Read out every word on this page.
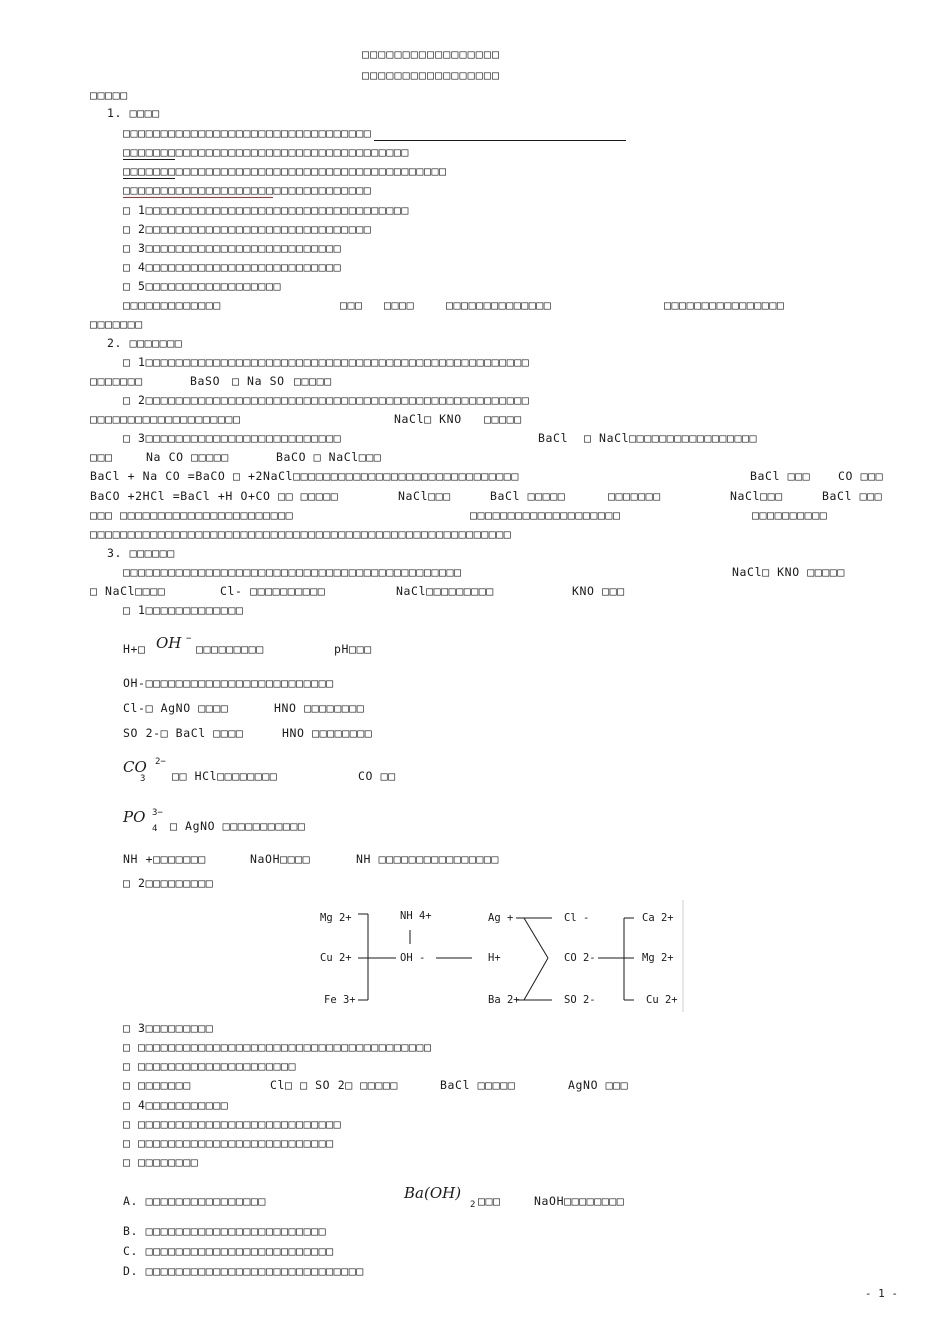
□□□□□□□□□□□□□□□□□
□□□□□□□□□□□□□□□□□
□□□□□
1. □□□□
□□□□□□□□□□□□□□□□□□□□□□□□□□□□□□□□□
□□□□□□□□□□□□□□□□□□□□□□□□□□□□□□□□□□□□□□
□□□□□□□□□□□□□□□□□□□□□□□□□□□□□□□□□□□□□□□□□□□
□□□□□□□□□□□□□□□□□□□□□□□□□□□□□□□□□
□ 1□□□□□□□□□□□□□□□□□□□□□□□□□□□□□□□□□□□
□ 2□□□□□□□□□□□□□□□□□□□□□□□□□□□□□□
□ 3□□□□□□□□□□□□□□□□□□□□□□□□□□
□ 4□□□□□□□□□□□□□□□□□□□□□□□□□□
□ 5□□□□□□□□□□□□□□□□□□
□□□□□□□□□□□□□	□□□ □□□□	□□□□□□□□□□□□□□	□□□□□□□□□□□□□□□□
□□□□□□□
2. □□□□□□□
□ 1□□□□□□□□□□□□□□□□□□□□□□□□□□□□□□□□□□□□□□□□□□□□□□□□□□□
□□□□□□□	BaSO □ Na SO □□□□□
□ 2□□□□□□□□□□□□□□□□□□□□□□□□□□□□□□□□□□□□□□□□□□□□□□□□□□□
□□□□□□□□□□□□□□□□□□□□	NaCl□ KNO □□□□□
□ 3□□□□□□□□□□□□□□□□□□□□□□□□□□	BaCl □ NaCl□□□□□□□□□□□□□□□□□
□□□	Na CO □□□□□	BaCO □ NaCl□□□
BaCl + Na CO =BaCO □ +2NaCl□□□□□□□□□□□□□□□□□□□□□□□□□□□□□□	BaCl □□□ CO □□□
BaCO +2HCl =BaCl +H O+CO □□ □□□□□	NaCl□□□	BaCl □□□□□	□□□□□□□	NaCl□□□	BaCl □□□
□□□ □□□□□□□□□□□□□□□□□□□□□□□	□□□□□□□□□□□□□□□□□□□□	□□□□□□□□□□
□□□□□□□□□□□□□□□□□□□□□□□□□□□□□□□□□□□□□□□□□□□□□□□□□□□□□□□□
3. □□□□□□
□□□□□□□□□□□□□□□□□□□□□□□□□□□□□□□□□□□□□□□□□□□□□	NaCl□ KNO □□□□□
□ NaCl□□□□	Cl- □□□□□□□□□□	NaCl□□□□□□□□□	KNO □□□
□ 1□□□□□□□□□□□□□
H+□ OH −
□□□□□□□□□	pH□□□
OH-□□□□□□□□□□□□□□□□□□□□□□□□□
Cl-□ AgNO □□□□	HNO □□□□□□□□
SO 2-□ BaCl □□□□	HNO □□□□□□□□
CO 2−
3 □□ HCl□□□□□□□□	CO □□
PO 3−
4 □ AgNO □□□□□□□□□□□
NH +□□□□□□□	NaOH□□□□	NH □□□□□□□□□□□□□□□□
□ 2□□□□□□□□□
Mg 2+
Cu 2+
Fe 3+
NH 4+
OH -
Ag +
H+
Ba 2+
Cl -
CO 2-
SO 2-
Ca 2+
Mg 2+
Cu 2+
□ 3□□□□□□□□□
□ □□□□□□□□□□□□□□□□□□□□□□□□□□□□□□□□□□□□□□□
□ □□□□□□□□□□□□□□□□□□□□□
□ □□□□□□□	Cl□ □ SO 2□ □□□□□	BaCl □□□□□	AgNO □□□
□ 4□□□□□□□□□□□
□ □□□□□□□□□□□□□□□□□□□□□□□□□□□
□ □□□□□□□□□□□□□□□□□□□□□□□□□□
□ □□□□□□□□
A. □□□□□□□□□□□□□□□□	Ba(OH)
2 □□□	NaOH□□□□□□□□
B. □□□□□□□□□□□□□□□□□□□□□□□□
C. □□□□□□□□□□□□□□□□□□□□□□□□□
D. □□□□□□□□□□□□□□□□□□□□□□□□□□□□□
- 1 -
